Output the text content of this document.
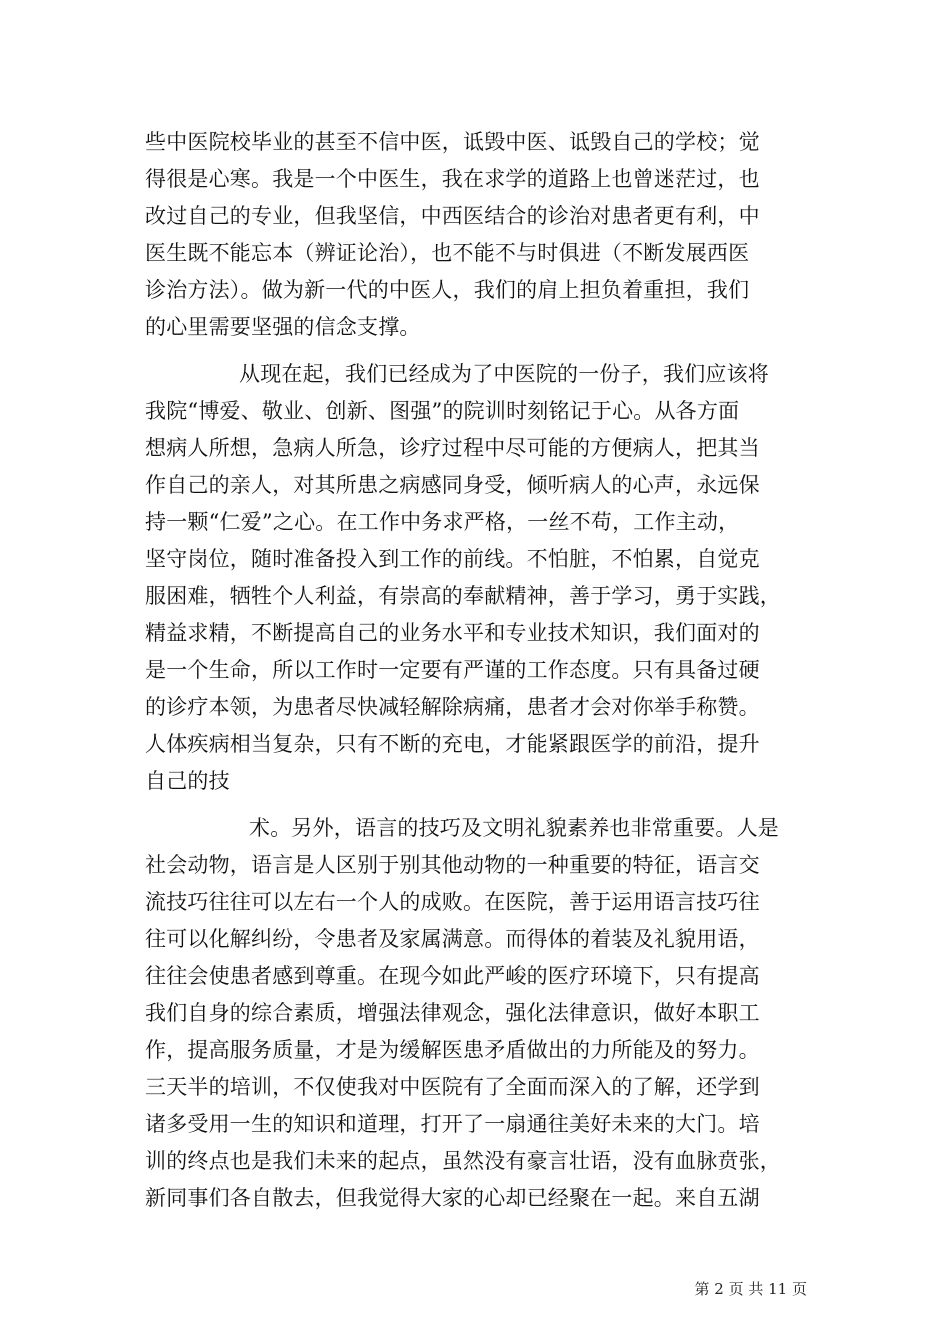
些中医院校毕业的甚至不信中医，诋毁中医、诋毁自己的学校；觉
得很是心寒。我是一个中医生，我在求学的道路上也曾迷茫过，也
改过自己的专业，但我坚信，中西医结合的诊治对患者更有利，中
医生既不能忘本（辨证论治），也不能不与时俱进（不断发展西医
诊治方法）。做为新一代的中医人，我们的肩上担负着重担，我们
的心里需要坚强的信念支撑。
从现在起，我们已经成为了中医院的一份子，我们应该将
我院“博爱、敬业、创新、图强”的院训时刻铭记于心。从各方面
想病人所想，急病人所急，诊疗过程中尽可能的方便病人，把其当
作自己的亲人，对其所患之病感同身受，倾听病人的心声，永远保
持一颗“仁爱”之心。在工作中务求严格，一丝不苟，工作主动，
坚守岗位，随时准备投入到工作的前线。不怕脏，不怕累，自觉克
服困难，牺牲个人利益，有崇高的奉献精神，善于学习，勇于实践，
精益求精，不断提高自己的业务水平和专业技术知识，我们面对的
是一个生命，所以工作时一定要有严谨的工作态度。只有具备过硬
的诊疗本领，为患者尽快减轻解除病痛，患者才会对你举手称赞。
人体疾病相当复杂，只有不断的充电，才能紧跟医学的前沿，提升
自己的技
术。另外，语言的技巧及文明礼貌素养也非常重要。人是
社会动物，语言是人区别于别其他动物的一种重要的特征，语言交
流技巧往往可以左右一个人的成败。在医院，善于运用语言技巧往
往可以化解纠纷，令患者及家属满意。而得体的着装及礼貌用语，
往往会使患者感到尊重。在现今如此严峻的医疗环境下，只有提高
我们自身的综合素质，增强法律观念，强化法律意识，做好本职工
作，提高服务质量，才是为缓解医患矛盾做出的力所能及的努力。
三天半的培训，不仅使我对中医院有了全面而深入的了解，还学到
诸多受用一生的知识和道理，打开了一扇通往美好未来的大门。培
训的终点也是我们未来的起点，虽然没有豪言壮语，没有血脉贲张，
新同事们各自散去，但我觉得大家的心却已经聚在一起。来自五湖
第 2 页 共 11 页
